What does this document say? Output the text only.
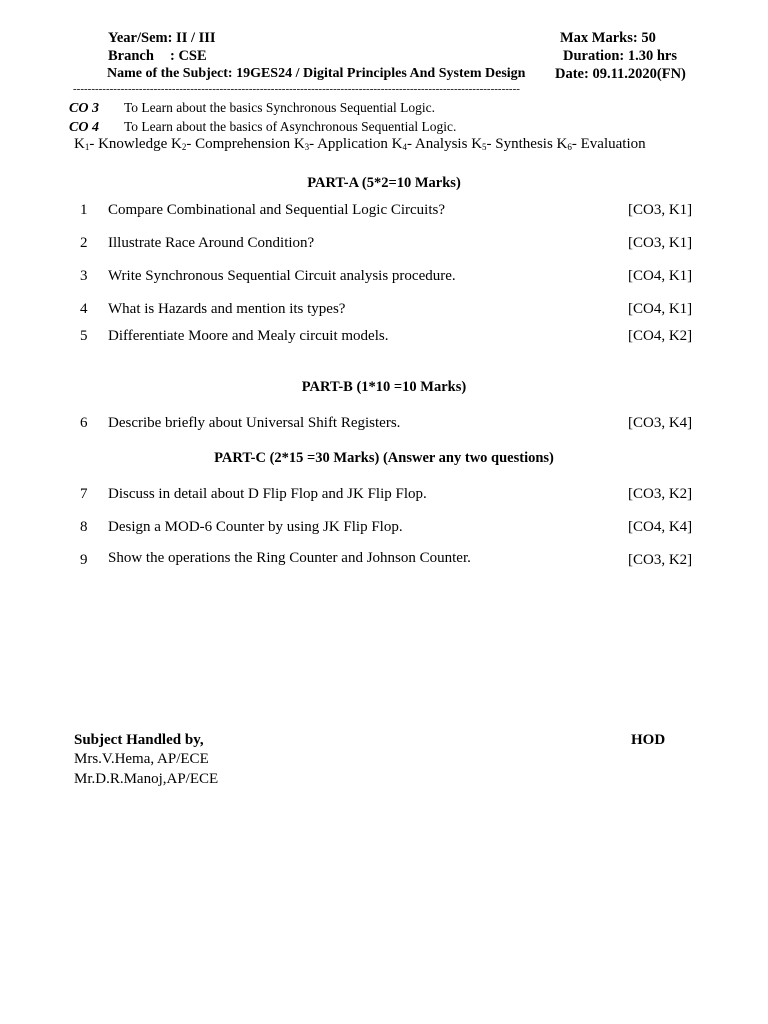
Year/Sem: II / III	Max Marks: 50
Branch : CSE	Duration: 1.30 hrs
Name of the Subject: 19GES24 / Digital Principles And System Design Date: 09.11.2020(FN)
--------------------------------------------------------------------------------------------------------------------------
CO 3 To Learn about the basics Synchronous Sequential Logic.
CO 4 To Learn about the basics of Asynchronous Sequential Logic.
$K_1-$ Knowledge $K_2-$ Comprehension $K_3-$ Application $K_4-$ Analysis $K_5-$ Synthesis $K_6-$ Evaluation
PART-A (5*2=10 Marks)
1 Compare Combinational and Sequential Logic Circuits?	[CO3, K1]
2 Illustrate Race Around Condition?	[CO3, K1]
3 Write Synchronous Sequential Circuit analysis procedure.	[CO4, K1]
4 What is Hazards and mention its types?	[CO4, K1]
5 Differentiate Moore and Mealy circuit models.	[CO4, K2]
PART-B (1*10 =10 Marks)
6 Describe briefly about Universal Shift Registers.	[CO3, K4]
PART-C (2*15 =30 Marks) (Answer any two questions)
7 Discuss in detail about D Flip Flop and JK Flip Flop.	[CO3, K2]
8 Design a MOD-6 Counter by using JK Flip Flop.	[CO4, K4]
9 Show the operations the Ring Counter and Johnson Counter.	[CO3, K2]
Subject Handled by,	HOD
Mrs.V.Hema, AP/ECE
Mr.D.R.Manoj,AP/ECE
